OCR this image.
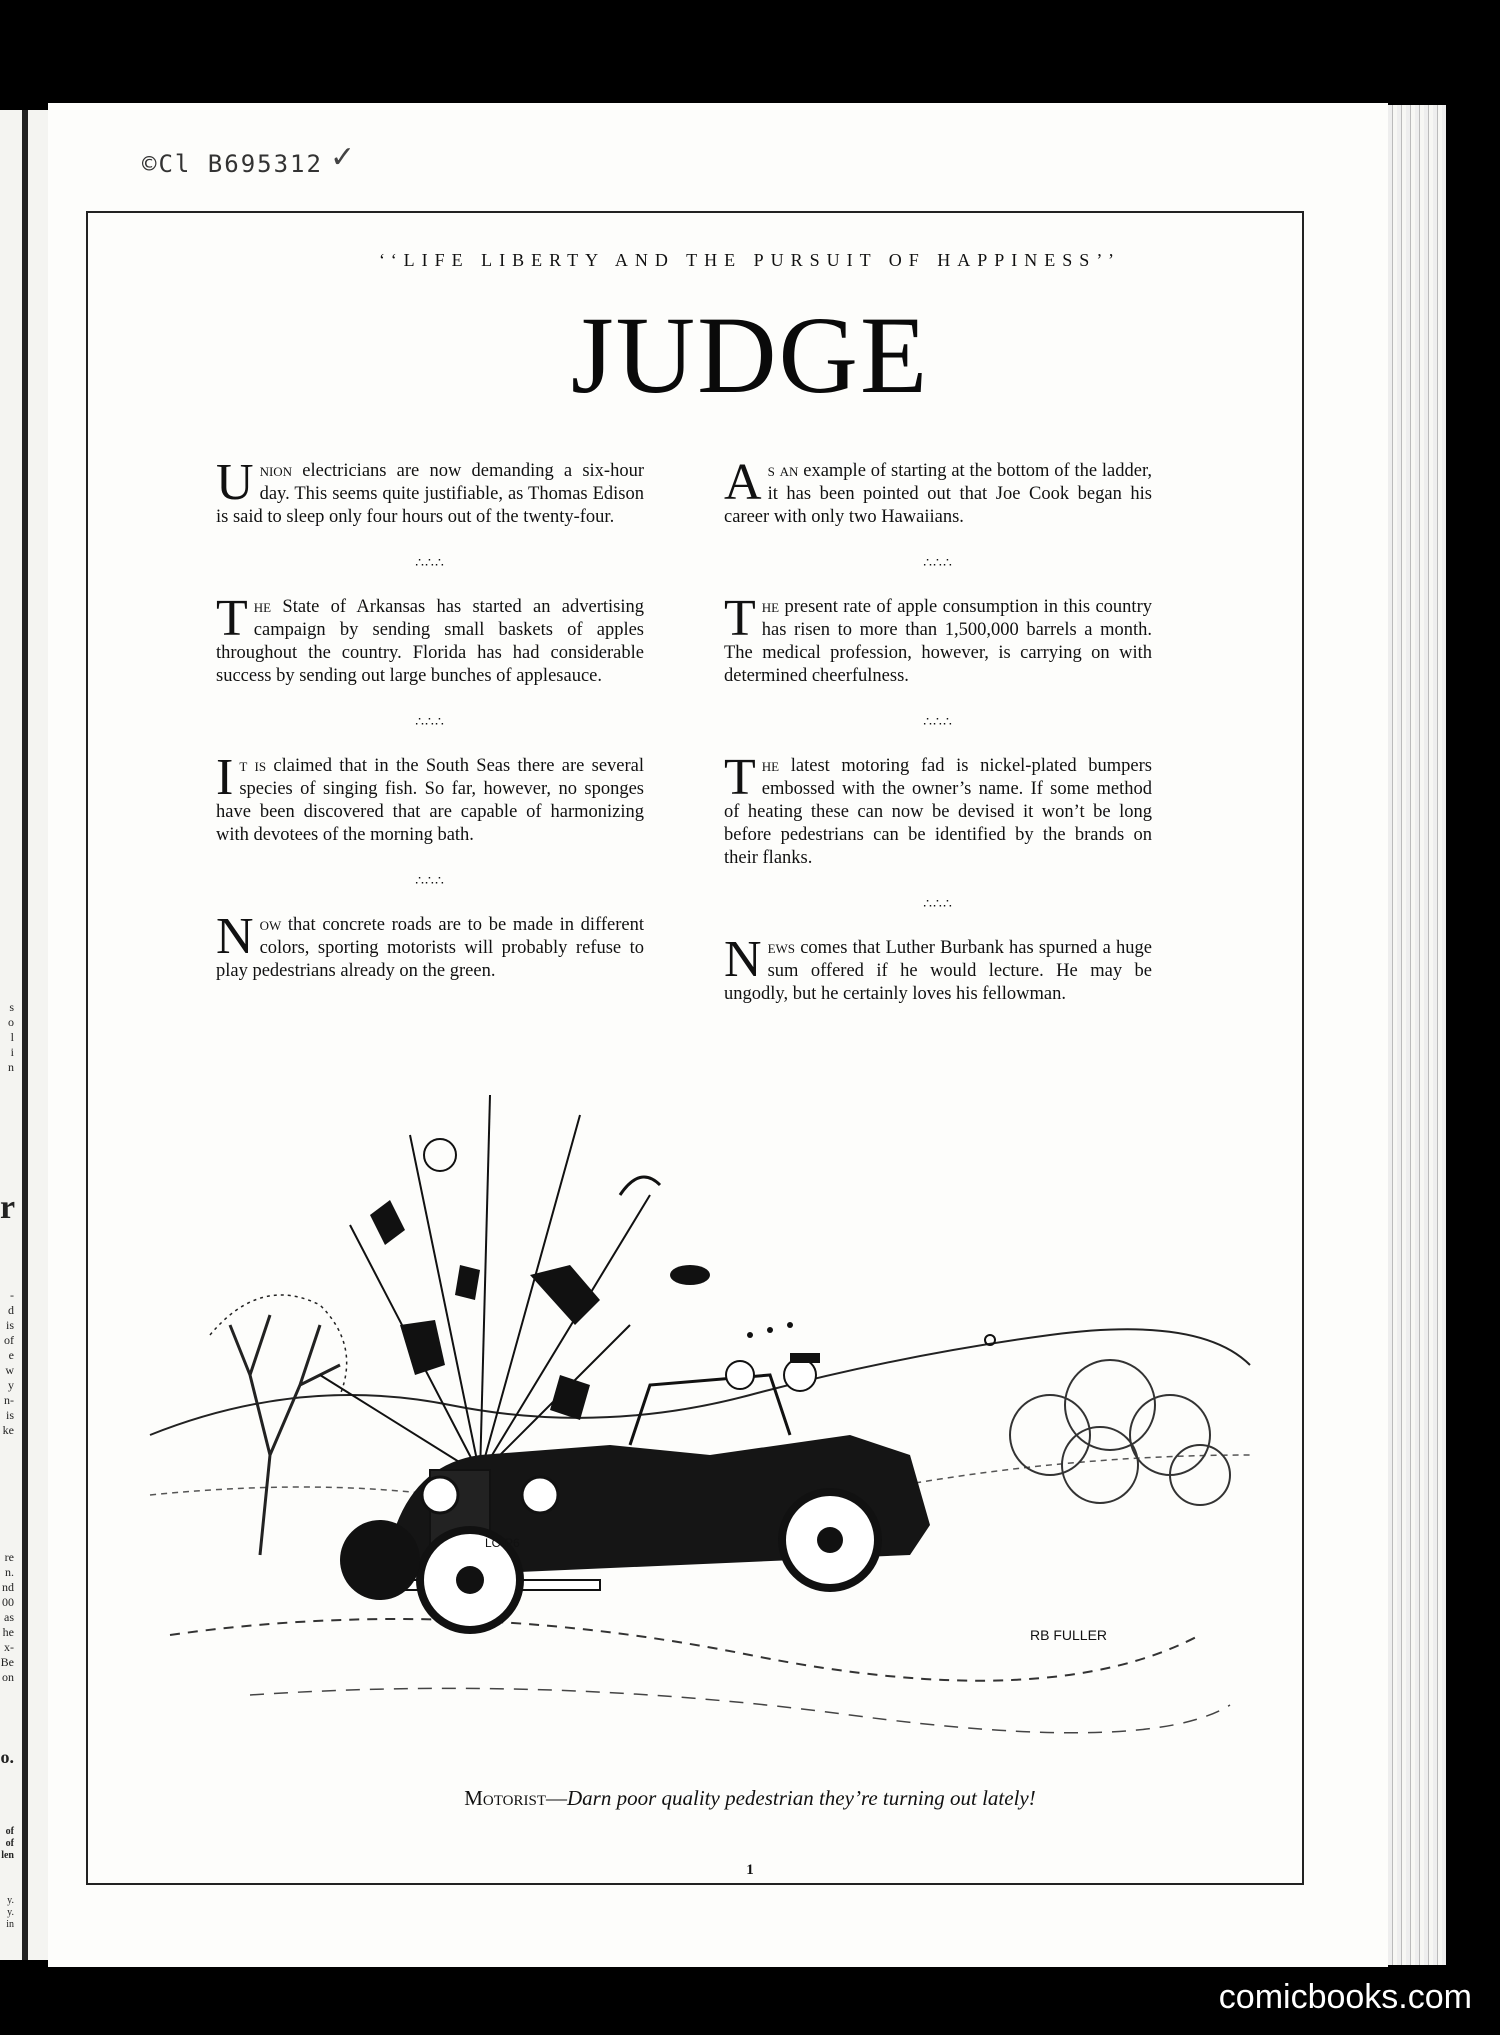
s
o
l
i
n
r
-
d
is
of
e
w
y
n-
is
ke
re
n.
nd
00
as
he
x-
Be
on
o.
of
of
len
y.
y.
in
©Cl B695312 ✓
‘‘LIFE LIBERTY AND THE PURSUIT OF HAPPINESS’’
JUDGE

Union electricians are now demanding a six-hour day. This seems quite justifiable, as Thomas Edison is said to sleep only four hours out of the twenty-four.

∴∴∴

The State of Arkansas has started an advertising campaign by sending small baskets of apples throughout the country. Florida has had considerable success by sending out large bunches of applesauce.

∴∴∴

It is claimed that in the South Seas there are several species of singing fish. So far, however, no sponges have been discovered that are capable of harmonizing with devotees of the morning bath.

∴∴∴

Now that concrete roads are to be made in different colors, sporting motorists will probably refuse to play pedestrians already on the green.

As an example of starting at the bottom of the ladder, it has been pointed out that Joe Cook began his career with only two Hawaiians.

∴∴∴

The present rate of apple consumption in this country has risen to more than 1,500,000 barrels a month. The medical profession, however, is carrying on with determined cheerfulness.

∴∴∴

The latest motoring fad is nickel-plated bumpers embossed with the owner’s name. If some method of heating these can now be devised it won’t be long before pedestrians can be identified by the brands on their flanks.

∴∴∴

News comes that Luther Burbank has spurned a huge sum offered if he would lecture. He may be ungodly, but he certainly loves his fellowman.

LO-P6
RB FULLER
Motorist—Darn poor quality pedestrian they’re turning out lately!
1
comicbooks.com
